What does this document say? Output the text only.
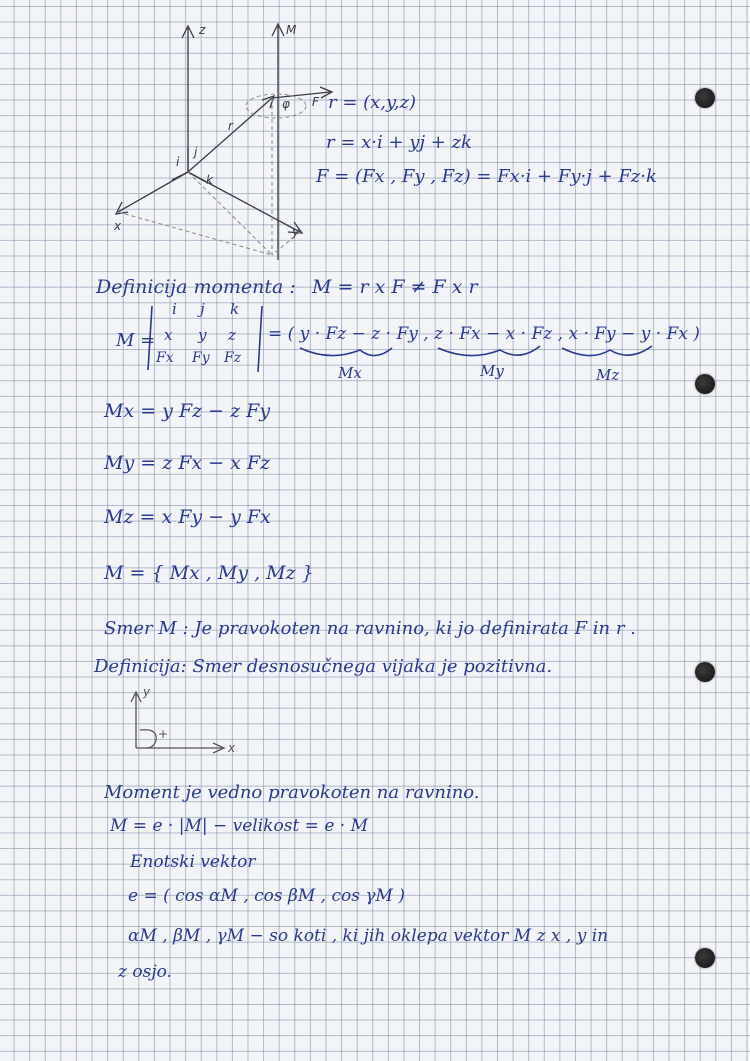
z	M
x	y
r
F
i
j
k
φ r = (x,y,z)
r = x·i + yj + zk
F = (Fx , Fy , Fz) = Fx·i + Fy·j + Fz·k
Definicija momenta : M = r x F ≠ F x r
M =
i j k
x y z
Fx Fy Fz
= ( y · Fz − z · Fy , z · Fx − x · Fz , x · Fy − y · Fx )
Mx	My	Mz
Mx = y Fz − z Fy
My = z Fx − x Fz
Mz = x Fy − y Fx
M = { Mx , My , Mz }
Smer M : Je pravokoten na ravnino, ki jo definirata F in r .
Definicija: Smer desnosučnega vijaka je pozitivna.
y
x
+
Moment je vedno pravokoten na ravnino.
M = e · |M| − velikost = e · M
Enotski vektor
e = ( cos αM , cos βM , cos γM )
αM , βM , γM − so koti , ki jih oklepa vektor M z x , y in
z osjo.
